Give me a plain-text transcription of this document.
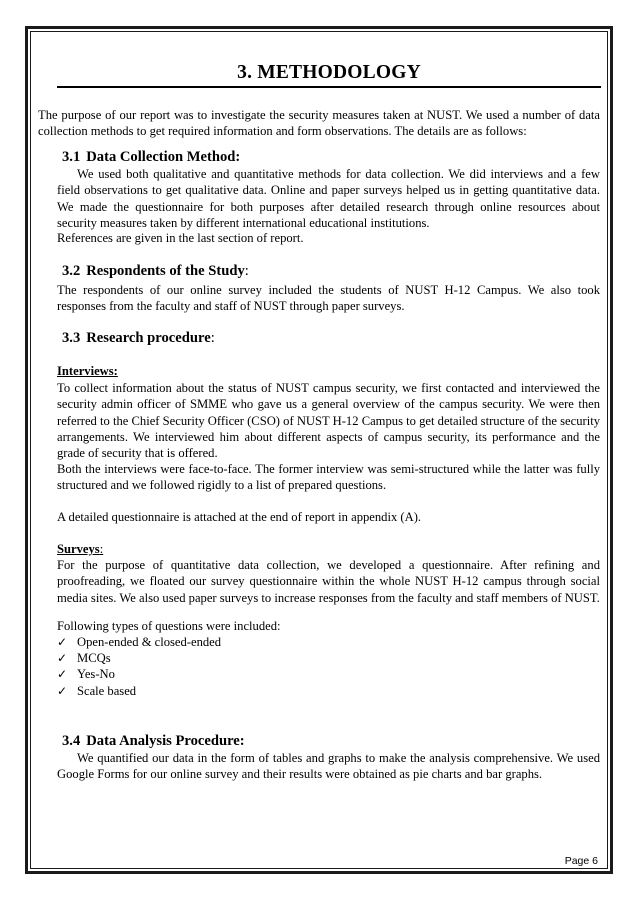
3. METHODOLOGY

The purpose of our report was to investigate the security measures taken at NUST. We used a number of data collection methods to get required information and form observations. The details are as follows:

3.1 Data Collection Method:

We used both qualitative and quantitative methods for data collection. We did interviews and a few field observations to get qualitative data. Online and paper surveys helped us in getting quantitative data. We made the questionnaire for both purposes after detailed research through online resources about security measures taken by different international educational institutions.

References are given in the last section of report.
3.2 Respondents of the Study:

The respondents of our online survey included the students of NUST H-12 Campus. We also took responses from the faculty and staff of NUST through paper surveys.

3.3 Research procedure:
Interviews:

To collect information about the status of NUST campus security, we first contacted and interviewed the security admin officer of SMME who gave us a general overview of the campus security. We were then referred to the Chief Security Officer (CSO) of NUST H-12 Campus to get detailed structure of the security arrangements. We interviewed him about different aspects of campus security, its performance and the grade of security that is offered.

Both the interviews were face-to-face. The former interview was semi-structured while the latter was fully structured and we followed rigidly to a list of prepared questions.

A detailed questionnaire is attached at the end of report in appendix (A).
Surveys:

For the purpose of quantitative data collection, we developed a questionnaire. After refining and proofreading, we floated our survey questionnaire within the whole NUST H-12 campus through social media sites. We also used paper surveys to increase responses from the faculty and staff members of NUST.

Following types of questions were included:
✓ Open-ended & closed-ended
✓ MCQs
✓ Yes-No
✓ Scale based
3.4 Data Analysis Procedure:

We quantified our data in the form of tables and graphs to make the analysis comprehensive. We used Google Forms for our online survey and their results were obtained as pie charts and bar graphs.

Page 6
